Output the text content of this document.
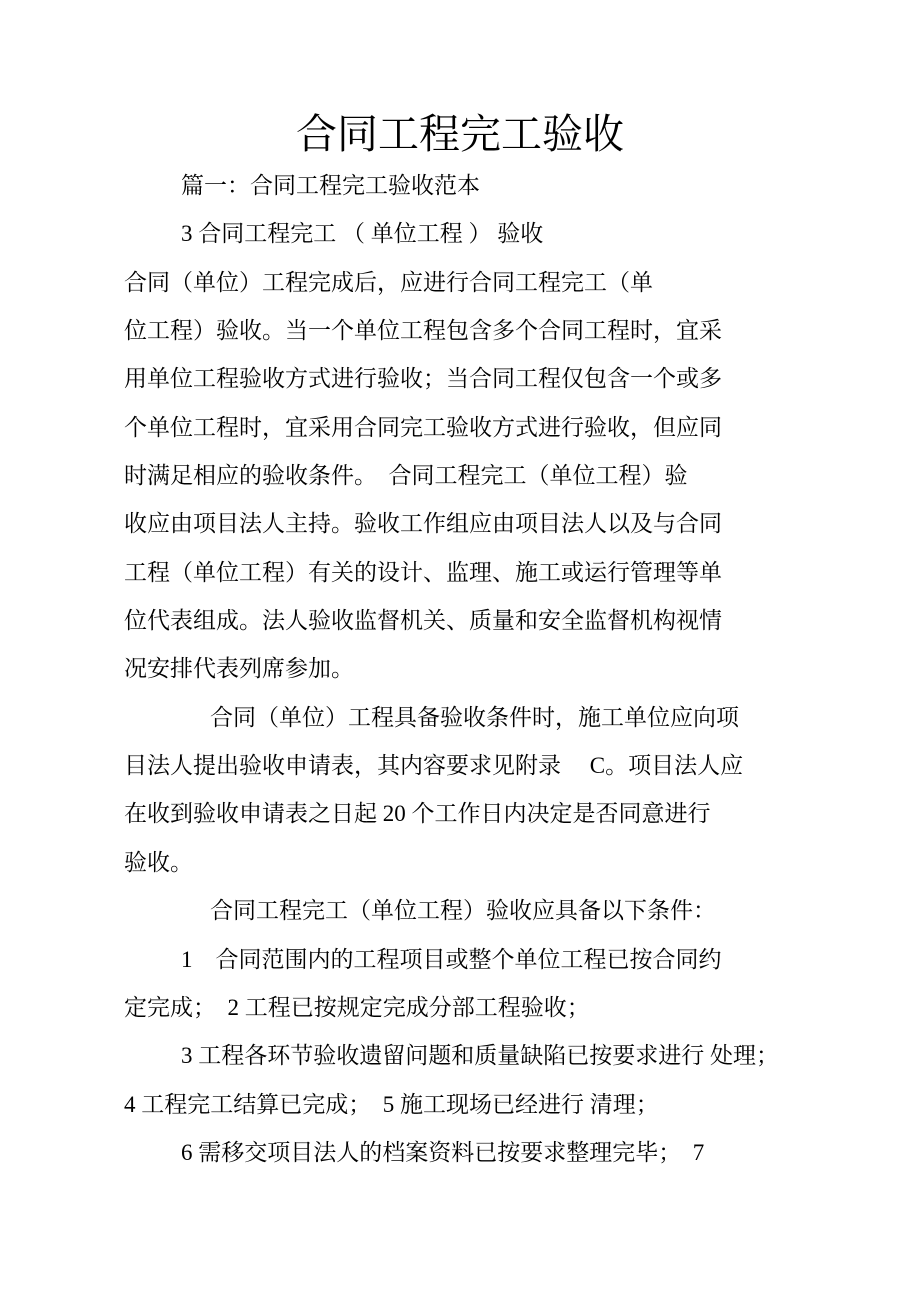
合同工程完工验收
篇一：合同工程完工验收范本
3 合同工程完工 （ 单位工程 ） 验收
合同（单位）工程完成后，应进行合同工程完工（单
位工程）验收。当一个单位工程包含多个合同工程时，宜采
用单位工程验收方式进行验收；当合同工程仅包含一个或多
个单位工程时，宜采用合同完工验收方式进行验收，但应同
时满足相应的验收条件。　合同工程完工（单位工程）验
收应由项目法人主持。验收工作组应由项目法人以及与合同
工程（单位工程）有关的设计、监理、施工或运行管理等单
位代表组成。法人验收监督机关、质量和安全监督机构视情
况安排代表列席参加。
合同（单位）工程具备验收条件时，施工单位应向项
目法人提出验收申请表，其内容要求见附录　 C。项目法人应
在收到验收申请表之日起 20 个工作日内决定是否同意进行
验收。
合同工程完工（单位工程）验收应具备以下条件：
1　合同范围内的工程项目或整个单位工程已按合同约
定完成；　2 工程已按规定完成分部工程验收；
3 工程各环节验收遗留问题和质量缺陷已按要求进行 处理；
4 工程完工结算已完成；　5 施工现场已经进行 清理；
6 需移交项目法人的档案资料已按要求整理完毕；　7
